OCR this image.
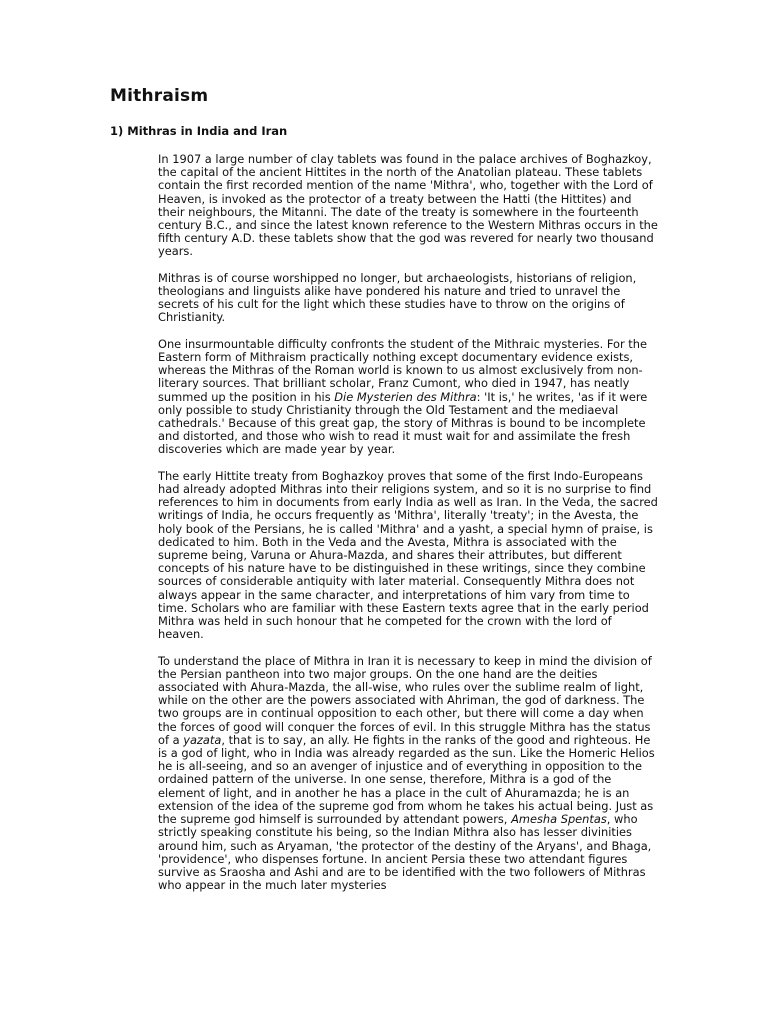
Mithraism
1) Mithras in India and Iran

In 1907 a large number of clay tablets was found in the palace archives of Boghazkoy, the capital of the ancient Hittites in the north of the Anatolian plateau. These tablets contain the first recorded mention of the name 'Mithra', who, together with the Lord of Heaven, is invoked as the protector of a treaty between the Hatti (the Hittites) and their neighbours, the Mitanni. The date of the treaty is somewhere in the fourteenth century B.C., and since the latest known reference to the Western Mithras occurs in the fifth century A.D. these tablets show that the god was revered for nearly two thousand years.

Mithras is of course worshipped no longer, but archaeologists, historians of religion, theologians and linguists alike have pondered his nature and tried to unravel the secrets of his cult for the light which these studies have to throw on the origins of Christianity.

One insurmountable difficulty confronts the student of the Mithraic mysteries. For the Eastern form of Mithraism practically nothing except documentary evidence exists, whereas the Mithras of the Roman world is known to us almost exclusively from non-literary sources. That brilliant scholar, Franz Cumont, who died in 1947, has neatly summed up the position in his Die Mysterien des Mithra: 'It is,' he writes, 'as if it were only possible to study Christianity through the Old Testament and the mediaeval cathedrals.' Because of this great gap, the story of Mithras is bound to be incomplete and distorted, and those who wish to read it must wait for and assimilate the fresh discoveries which are made year by year.

The early Hittite treaty from Boghazkoy proves that some of the first Indo-Europeans had already adopted Mithras into their religions system, and so it is no surprise to find references to him in documents from early India as well as Iran. In the Veda, the sacred writings of India, he occurs frequently as 'Mithra', literally 'treaty'; in the Avesta, the holy book of the Persians, he is called 'Mithra' and a yasht, a special hymn of praise, is dedicated to him. Both in the Veda and the Avesta, Mithra is associated with the supreme being, Varuna or Ahura-Mazda, and shares their attributes, but different concepts of his nature have to be distinguished in these writings, since they combine sources of considerable antiquity with later material. Consequently Mithra does not always appear in the same character, and interpretations of him vary from time to time. Scholars who are familiar with these Eastern texts agree that in the early period Mithra was held in such honour that he competed for the crown with the lord of heaven.

To understand the place of Mithra in Iran it is necessary to keep in mind the division of the Persian pantheon into two major groups. On the one hand are the deities associated with Ahura-Mazda, the all-wise, who rules over the sublime realm of light, while on the other are the powers associated with Ahriman, the god of darkness. The two groups are in continual opposition to each other, but there will come a day when the forces of good will conquer the forces of evil. In this struggle Mithra has the status of a yazata, that is to say, an ally. He fights in the ranks of the good and righteous. He is a god of light, who in India was already regarded as the sun. Like the Homeric Helios he is all-seeing, and so an avenger of injustice and of everything in opposition to the ordained pattern of the universe. In one sense, therefore, Mithra is a god of the element of light, and in another he has a place in the cult of Ahuramazda; he is an extension of the idea of the supreme god from whom he takes his actual being. Just as the supreme god himself is surrounded by attendant powers, Amesha Spentas, who strictly speaking constitute his being, so the Indian Mithra also has lesser divinities around him, such as Aryaman, 'the protector of the destiny of the Aryans', and Bhaga, 'providence', who dispenses fortune. In ancient Persia these two attendant figures survive as Sraosha and Ashi and are to be identified with the two followers of Mithras who appear in the much later mysteries
